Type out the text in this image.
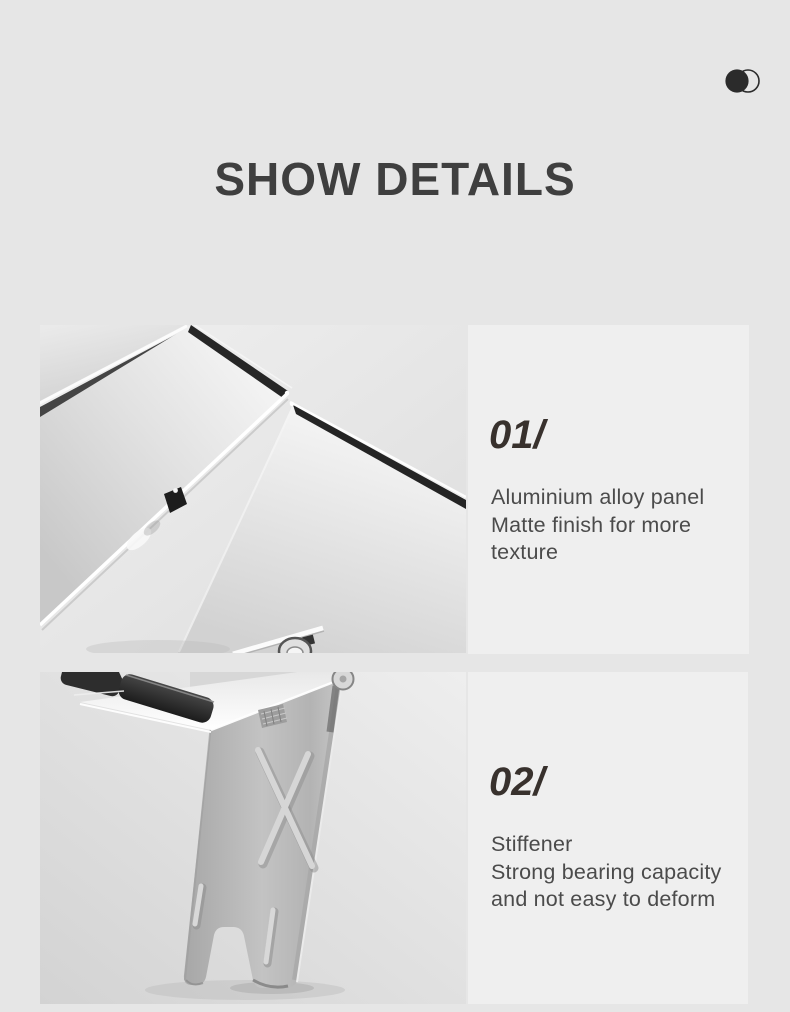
SHOW DETAILS
01/
Aluminium alloy panel
Matte finish for more
texture
02/
Stiffener
Strong bearing capacity
and not easy to deform
